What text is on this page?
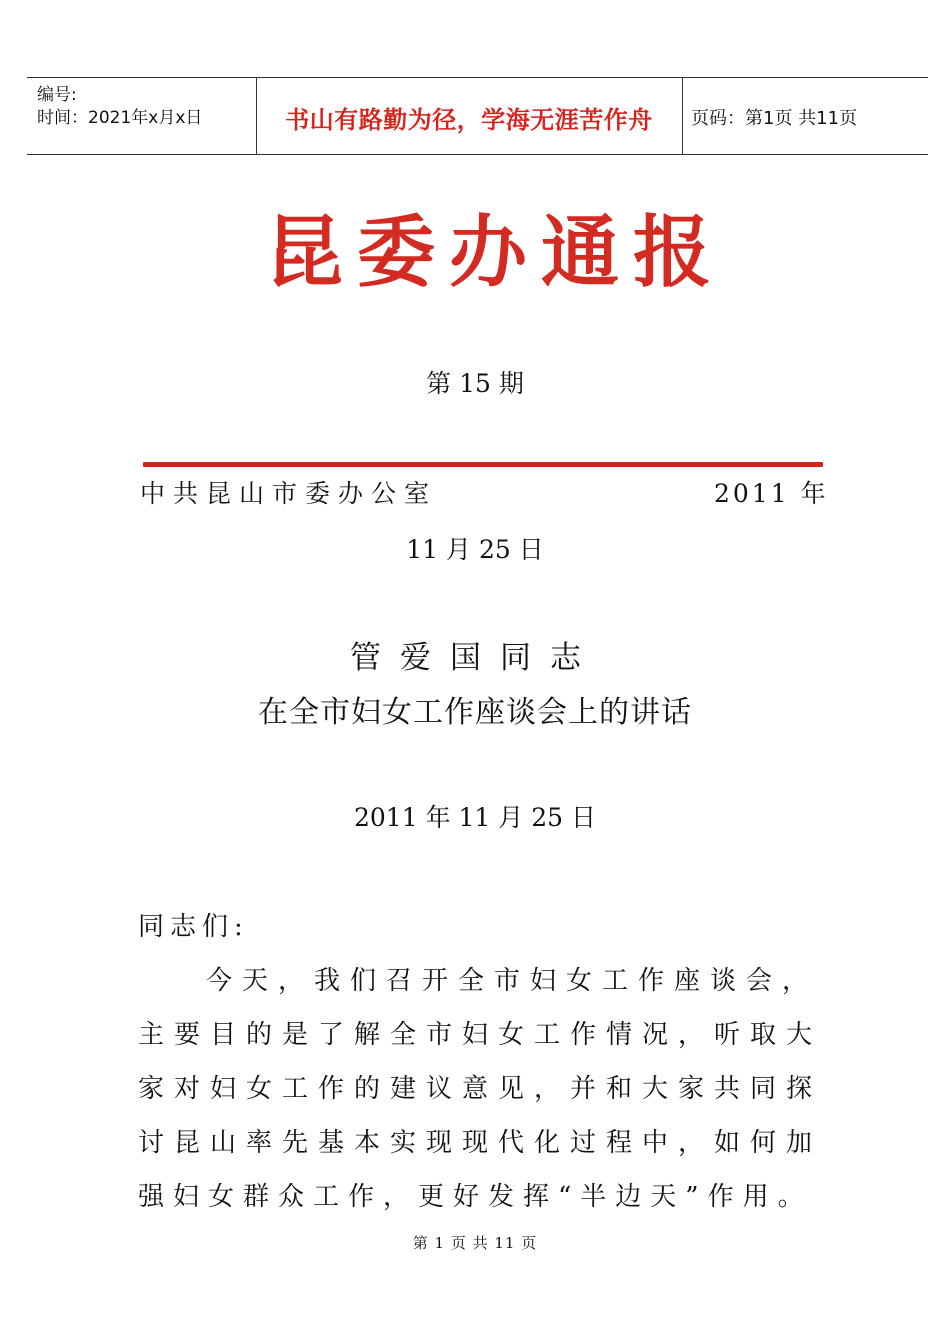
编号:
时间：2021年x月x日	书山有路勤为径，学海无涯苦作舟	页码：第1页 共11页
昆委办通报
第 15 期
中共昆山市委办公室	2011 年
11 月 25 日
管爱国同志
在全市妇女工作座谈会上的讲话
2011 年 11 月 25 日
同志们:
今天，我们召开全市妇女工作座谈会，
主要目的是了解全市妇女工作情况，听取大
家对妇女工作的建议意见，并和大家共同探
讨昆山率先基本实现现代化过程中，如何加
强妇女群众工作，更好发挥“半边天”作用。
第 1 页 共 11 页
